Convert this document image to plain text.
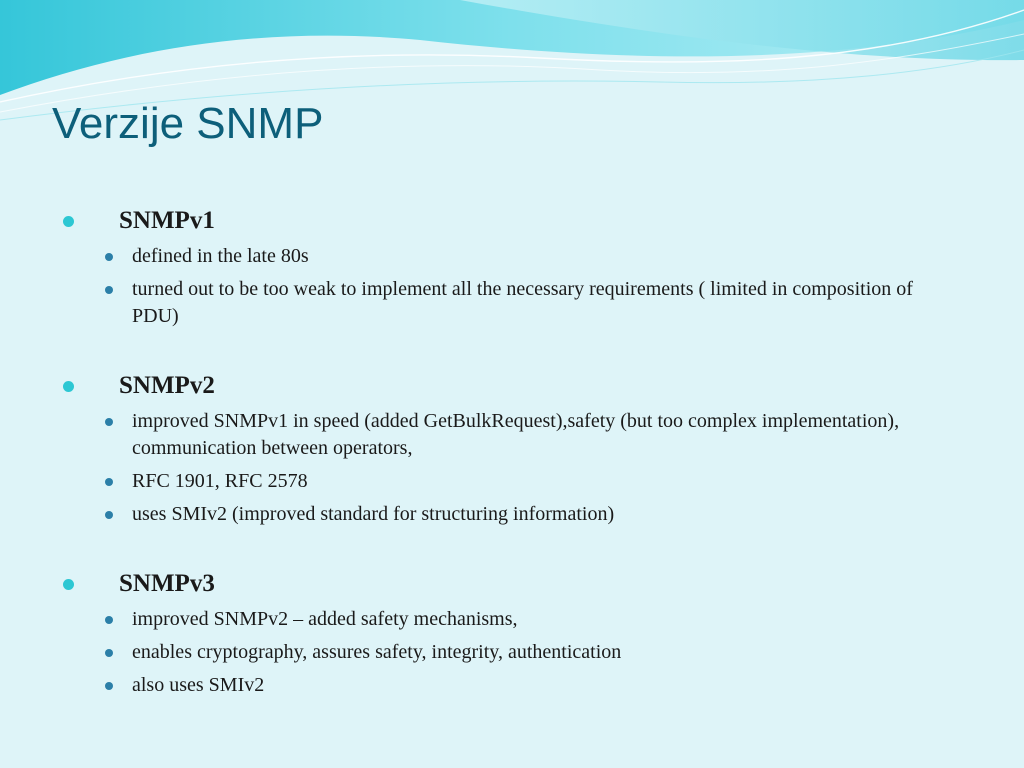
Verzije SNMP
SNMPv1
defined in the late 80s
turned out to be too weak to implement all the necessary requirements ( limited in composition of PDU)
SNMPv2
improved SNMPv1 in speed (added GetBulkRequest),safety (but too complex implementation), communication between operators,
RFC 1901, RFC 2578
uses SMIv2 (improved standard for structuring information)
SNMPv3
improved SNMPv2 – added safety mechanisms,
enables cryptography, assures safety, integrity, authentication
also uses SMIv2
